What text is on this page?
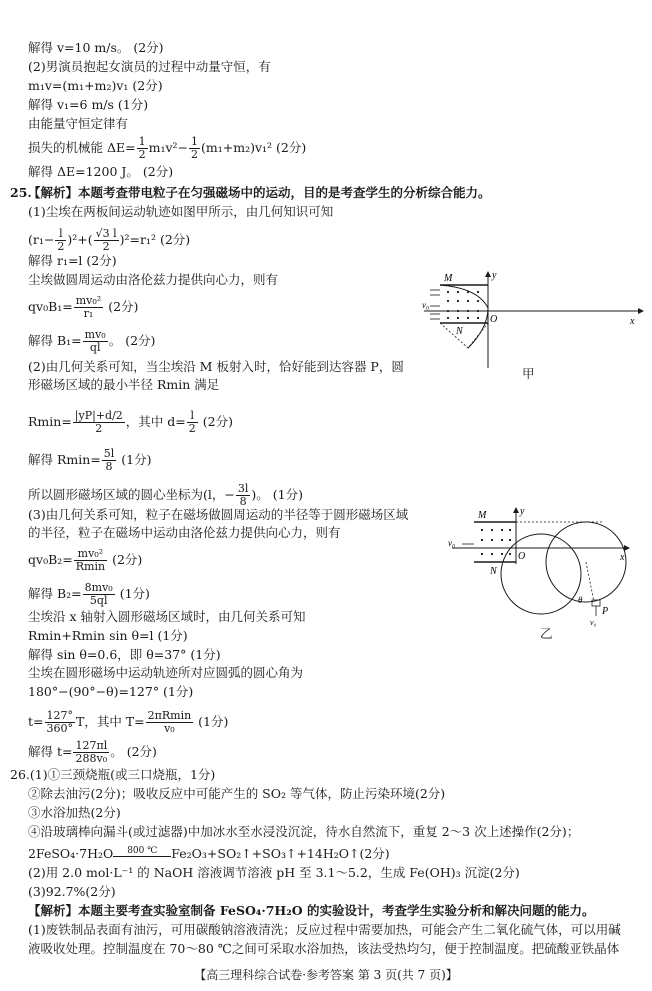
解得 v=10 m/s。 (2分)
(2)男演员抱起女演员的过程中动量守恒，有
m₁v=(m₁+m₂)v₁ (2分)
解得 v₁=6 m/s (1分)
由能量守恒定律有
损失的机械能 $\Delta E= \frac{1}{2} m_1v^2- \frac{1}{2} (m_1+m_2)v_1^2$ (2分)
解得 ΔE=1200 J。 (2分)
25.
【解析】本题考查带电粒子在匀强磁场中的运动，目的是考查学生的分析综合能力。
(1)尘埃在两板间运动轨迹如图甲所示，由几何知识可知
$(r_1- \frac{l}{2} )^2+( \frac{√3 l}{2} )^2=r_1^2$ (2分)
解得 r₁=l (2分)
尘埃做圆周运动由洛伦兹力提供向心力，则有
$qv_0B_1= \frac{\text{mv₀²}}{\text{r₁}} (2$分)
解得 $B_1= \frac{\text{mv₀}}{ql}$ 。 (2分)
(2)由几何关系可知，当尘埃沿 M 板射入时，恰好能到达容器 P，圆
形磁场区域的最小半径 Rmin 满足
$Rmin= \frac{|yP|+d/2}{2}$ ，其中 $d= \frac{l}{2} (2$分)
解得 $Rmin= \frac{5l}{8} (1$分)
所以圆形磁场区域的圆心坐标为(l，− $\frac{3l}{8}$ )。 (1分)
(3)由几何关系可知，粒子在磁场做圆周运动的半径等于圆形磁场区域
的半径，粒子在磁场中运动由洛伦兹力提供向心力，则有
$qv_0B_2= \frac{\text{mv₀²}}{Rmin} (2$分)
解得 $B_2= \frac{\text{8mv₀}}{5ql} (1$分)
尘埃沿 x 轴射入圆形磁场区域时，由几何关系可知
Rmin+Rmin sin θ=l (1分)
解得 sin θ=0.6，即 θ=37° (1分)
尘埃在圆形磁场中运动轨迹所对应圆弧的圆心角为
180°−(90°−θ)=127° (1分)
$t= \frac{127^\circ}{360^\circ}$ T，其中 $T= \frac{2\pi Rmin}{\text{v₀}} (1$分)
解得 $t= \frac{127\pi l}{\text{288v₀}}$ 。 (2分)
26.(1)①三颈烧瓶(或三口烧瓶，1分)
②除去油污(2分)；吸收反应中可能产生的 SO₂ 等气体，防止污染环境(2分)
③水浴加热(2分)
④沿玻璃棒向漏斗(或过滤器)中加冰水至水浸没沉淀，待水自然流下，重复 2～3 次上述操作(2分)；
2FeSO₄·7H₂O	800 ℃	Fe₂O₃+SO₂↑+SO₃↑+14H₂O↑(2分)
(2)用 2.0 mol·L⁻¹ 的 NaOH 溶液调节溶液 pH 至 3.1～5.2，生成 Fe(OH)₃ 沉淀(2分)
(3)92.7%(2分)
【解析】本题主要考查实验室制备 FeSO₄·7H₂O 的实验设计，考查学生实验分析和解决问题的能力。
(1)废铁制品表面有油污，可用碳酸钠溶液清洗；反应过程中需要加热，可能会产生二氧化硫气体，可以用碱
液吸收处理。控制温度在 70～80 ℃之间可采取水浴加热，该法受热均匀，便于控制温度。把硫酸亚铁晶体
M	y
v₀
O	x
N
甲
M	y
v₀
O	x
N
θ
P
v₀
乙
【高三理科综合试卷·参考答案 第 3 页(共 7 页)】
